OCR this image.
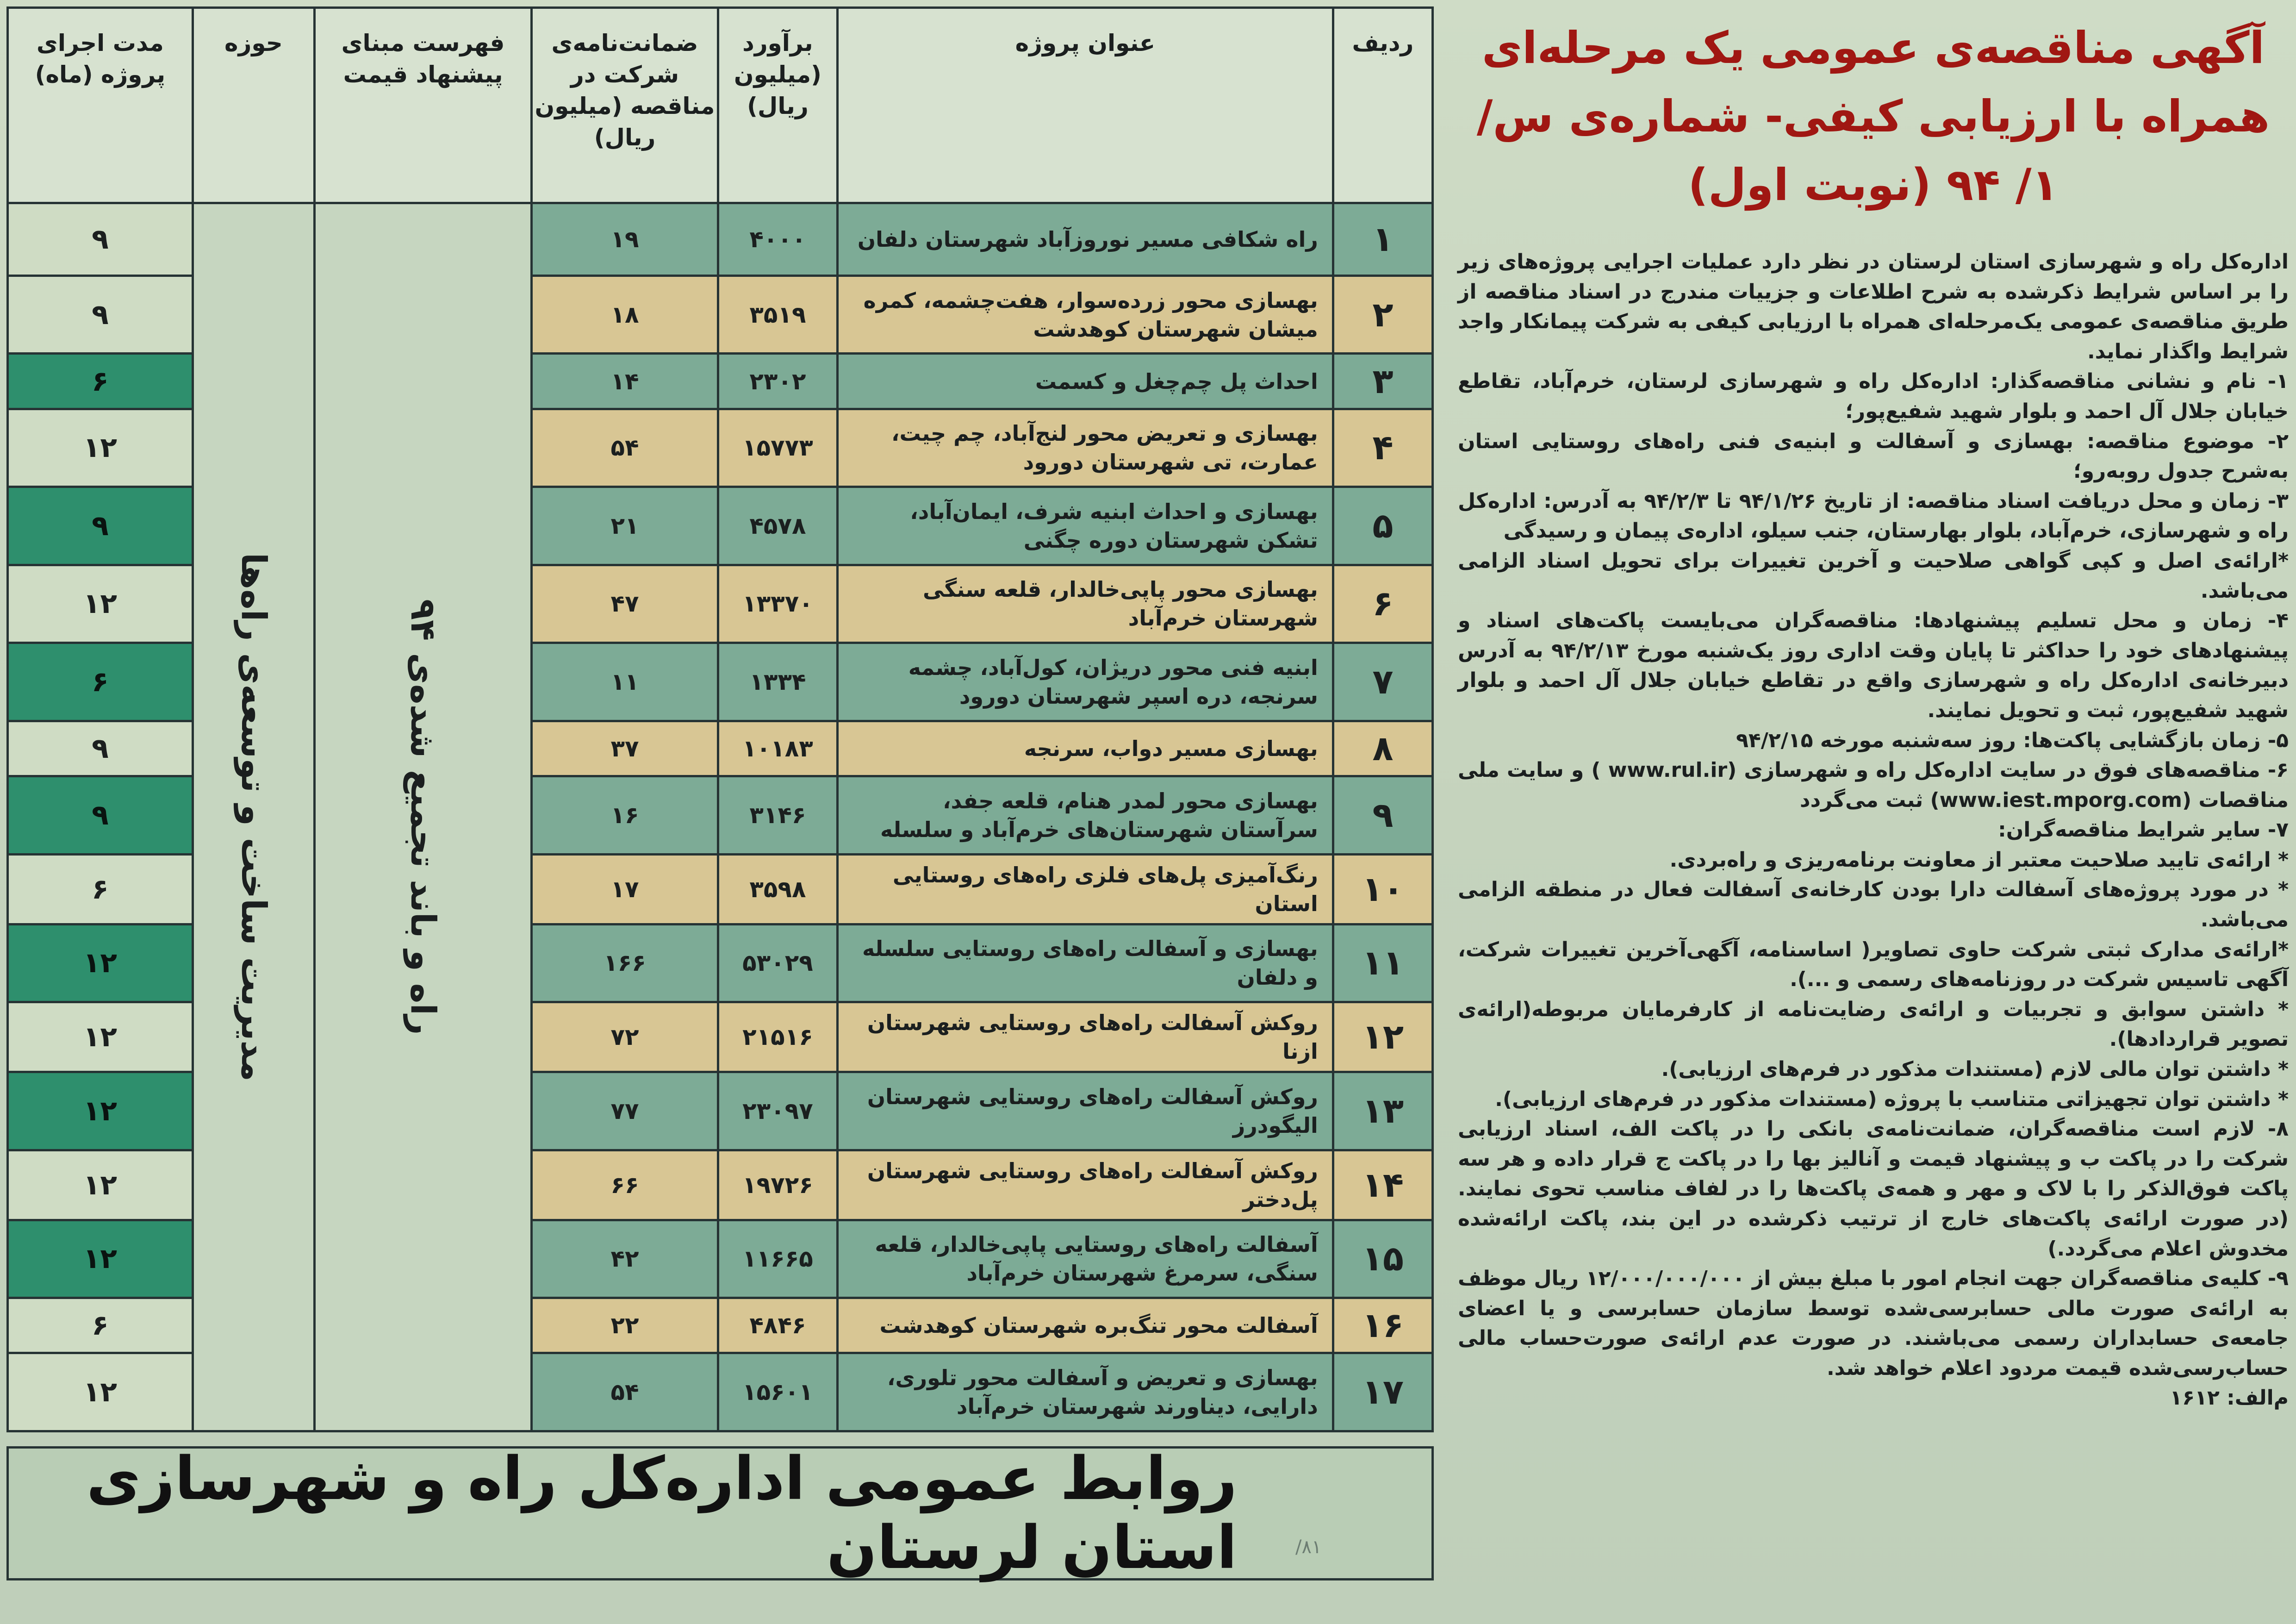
ردیف	عنوان پروژه	برآورد (میلیون ریال)	ضمانت‌نامه‌ی شرکت در مناقصه (میلیون ریال)	فهرست مبنای پیشنهاد قیمت	حوزه	مدت اجرای پروژه (ماه)
۱	راه شکافی مسیر نوروزآباد شهرستان دلفان	۴۰۰۰	۱۹	راه و باند تجمیع شده‌ی ۹۴	مدیریت ساخت و توسعه‌ی راه‌ها	۹
۲	بهسازی محور زرده‌سوار، هفت‌چشمه، کمره میشان شهرستان کوهدشت	۳۵۱۹	۱۸			۹
۳	احداث پل چم‌چغل و کسمت	۲۳۰۲	۱۴			۶
۴	بهسازی و تعریض محور لنج‌آباد، چم چیت، عمارت، تی شهرستان دورود	۱۵۷۷۳	۵۴			۱۲
۵	بهسازی و احداث ابنیه شرف، ایمان‌آباد، تشکن شهرستان دوره چگنی	۴۵۷۸	۲۱			۹
۶	بهسازی محور پاپی‌خالدار، قلعه سنگی شهرستان خرم‌آباد	۱۳۳۷۰	۴۷			۱۲
۷	ابنیه فنی محور دریژان، کول‌آباد، چشمه سرنجه، دره اسپر شهرستان دورود	۱۳۳۴	۱۱			۶
۸	بهسازی مسیر دواب، سرنجه	۱۰۱۸۳	۳۷			۹
۹	بهسازی محور لمدر هنام، قلعه جفد، سرآستان شهرستان‌های خرم‌آباد و سلسله	۳۱۴۶	۱۶			۹
۱۰	رنگ‌آمیزی پل‌های فلزی راه‌های روستایی استان	۳۵۹۸	۱۷			۶
۱۱	بهسازی و آسفالت راه‌های روستایی سلسله و دلفان	۵۳۰۲۹	۱۶۶			۱۲
۱۲	روکش آسفالت راه‌های روستایی شهرستان ازنا	۲۱۵۱۶	۷۲			۱۲
۱۳	روکش آسفالت راه‌های روستایی شهرستان الیگودرز	۲۳۰۹۷	۷۷			۱۲
۱۴	روکش آسفالت راه‌های روستایی شهرستان پل‌دختر	۱۹۷۲۶	۶۶			۱۲
۱۵	آسفالت راه‌های روستایی پاپی‌خالدار، قلعه سنگی، سرمرغ شهرستان خرم‌آباد	۱۱۶۶۵	۴۲			۱۲
۱۶	آسفالت محور تنگ‌بره شهرستان کوهدشت	۴۸۴۶	۲۲			۶
۱۷	بهسازی و تعریض و آسفالت محور تلوری، دارایی، دیناورند شهرستان خرم‌آباد	۱۵۶۰۱	۵۴			۱۲
روابط عمومی اداره‌کل راه و شهرسازی استان لرستان	۸۱/
آگهی مناقصه‌ی عمومی یک مرحله‌ای همراه با ارزیابی کیفی- شماره‌ی س/۱/ ۹۴ (نوبت اول)

اداره‌کل راه و شهرسازی استان لرستان در نظر دارد عملیات اجرایی پروژه‌های زیر را بر اساس شرایط ذکرشده به شرح اطلاعات و جزییات مندرج در اسناد مناقصه از طریق مناقصه‌ی عمومی یک‌مرحله‌ای همراه با ارزیابی کیفی به شرکت پیمانکار واجد شرایط واگذار نماید.

۱- نام و نشانی مناقصه‌گذار: اداره‌کل راه و شهرسازی لرستان، خرم‌آباد، تقاطع خیابان جلال آل احمد و بلوار شهید شفیع‌پور؛

۲- موضوع مناقصه: بهسازی و آسفالت و ابنیه‌ی فنی راه‌های روستایی استان به‌شرح جدول روبه‌رو؛

۳- زمان و محل دریافت اسناد مناقصه: از تاریخ ۹۴/۱/۲۶ تا ۹۴/۲/۳ به آدرس: اداره‌کل راه و شهرسازی، خرم‌آباد، بلوار بهارستان، جنب سیلو، اداره‌ی پیمان و رسیدگی

*ارائه‌ی اصل و کپی گواهی صلاحیت و آخرین تغییرات برای تحویل اسناد الزامی می‌باشد.

۴- زمان و محل تسلیم پیشنهادها: مناقصه‌گران می‌بایست پاکت‌های اسناد و پیشنهادهای خود را حداکثر تا پایان وقت اداری روز یک‌شنبه مورخ ۹۴/۲/۱۳ به آدرس دبیرخانه‌ی اداره‌کل راه و شهرسازی واقع در تقاطع خیابان جلال آل احمد و بلوار شهید شفیع‌پور، ثبت و تحویل نمایند.

۵- زمان بازگشایی پاکت‌ها: روز سه‌شنبه مورخه ۹۴/۲/۱۵

۶- مناقصه‌های فوق در سایت اداره‌کل راه و شهرسازی (www.rul.ir ) و سایت ملی مناقصات (www.iest.mporg.com) ثبت می‌گردد

۷- سایر شرایط مناقصه‌گران:

* ارائه‌ی تایید صلاحیت معتبر از معاونت برنامه‌ریزی و راه‌بردی.

* در مورد پروژه‌های آسفالت دارا بودن کارخانه‌ی آسفالت فعال در منطقه الزامی می‌باشد.

*ارائه‌ی مدارک ثبتی شرکت حاوی تصاویر( اساسنامه، آگهی‌آخرین تغییرات شرکت، آگهی تاسیس شرکت در روزنامه‌های رسمی و ...).

* داشتن سوابق و تجربیات و ارائه‌ی رضایت‌نامه از کارفرمایان مربوطه(ارائه‌ی تصویر قراردادها).

* داشتن توان مالی لازم (مستندات مذکور در فرم‌های ارزیابی).

* داشتن توان تجهیزاتی متناسب با پروژه (مستندات مذکور در فرم‌های ارزیابی).

۸- لازم است مناقصه‌گران، ضمانت‌نامه‌ی بانکی را در پاکت الف، اسناد ارزیابی شرکت را در پاکت ب و پیشنهاد قیمت و آنالیز بها را در پاکت ج قرار داده و هر سه پاکت فوق‌الذکر را با لاک و مهر و همه‌ی پاکت‌ها را در لفاف مناسب تحوی نمایند. (در صورت ارائه‌ی پاکت‌های خارج از ترتیب ذکرشده در این بند، پاکت ارائه‌شده مخدوش اعلام می‌گردد.)

۹- کلیه‌ی مناقصه‌گران جهت انجام امور با مبلغ بیش از ۱۲/۰۰۰/۰۰۰/۰۰۰ ریال موظف به ارائه‌ی صورت مالی حسابرسی‌شده توسط سازمان حسابرسی و یا اعضای جامعه‌ی حسابداران رسمی می‌باشند. در صورت عدم ارائه‌ی صورت‌حساب مالی حساب‌رسی‌شده قیمت مردود اعلام خواهد شد.

م‌الف: ۱۶۱۲
